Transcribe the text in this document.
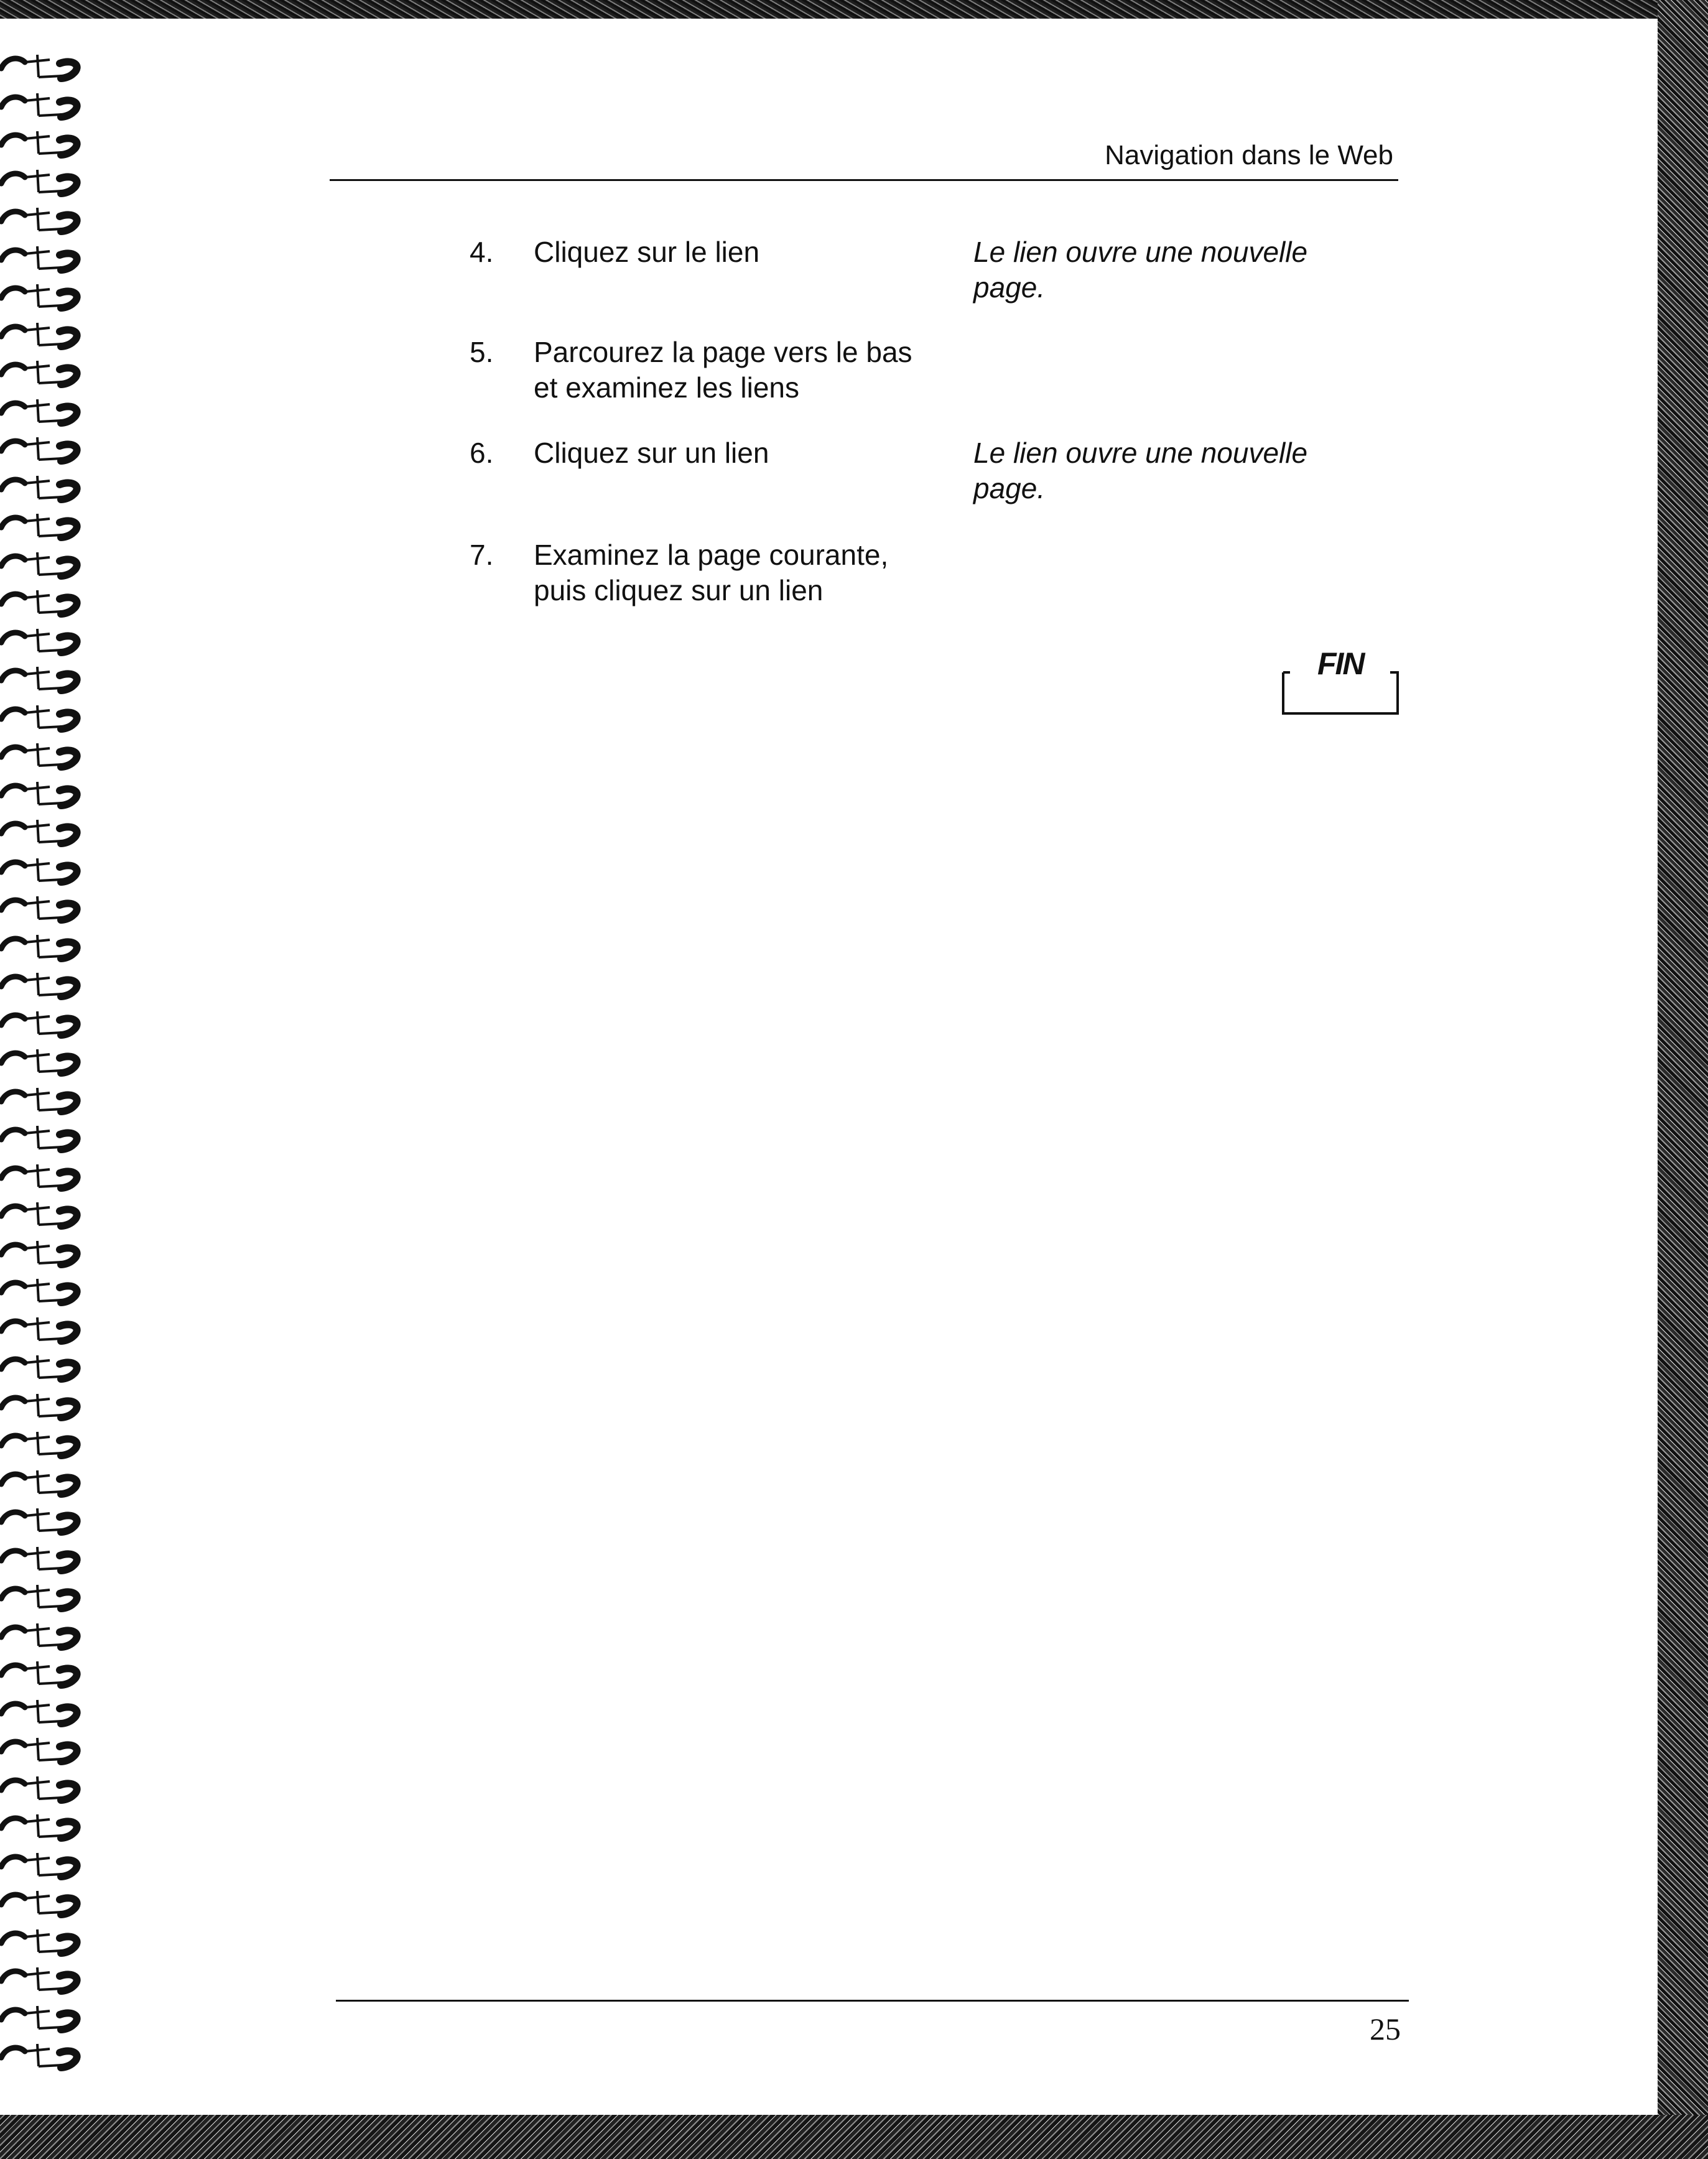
Navigation dans le Web
4.	Cliquez sur le lien	Le lien ouvre une nouvelle
page.
5.	Parcourez la page vers le bas
et examinez les liens
6.	Cliquez sur un lien	Le lien ouvre une nouvelle
page.
7.	Examinez la page courante,
puis cliquez sur un lien
FIN
25
